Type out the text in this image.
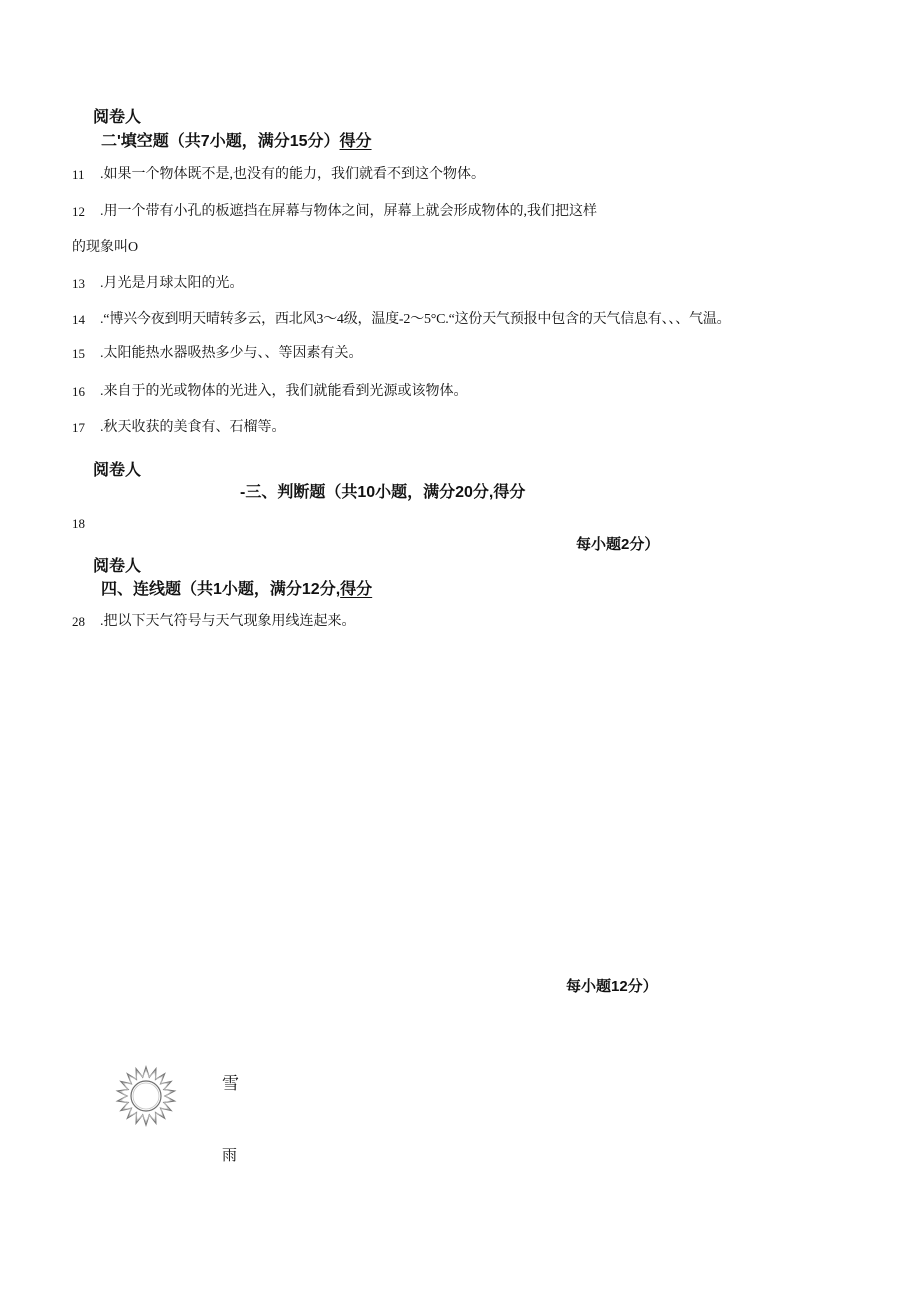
阅卷人
二'填空题（共7小题，满分15分）得分
11 .如果一个物体既不是,也没有的能力，我们就看不到这个物体。
12 .用一个带有小孔的板遮挡在屏幕与物体之间，屏幕上就会形成物体的,我们把这样
的现象叫O
13 .月光是月球太阳的光。
14 .“博兴今夜到明天晴转多云，西北风3～4级，温度-2～5°C.“这份天气预报中包含的天气信息有、、、气温。
15 .太阳能热水器吸热多少与、、等因素有关。
16 .来自于的光或物体的光进入，我们就能看到光源或该物体。
17 .秋天收获的美食有、石榴等。
阅卷人
-三、判断题（共10小题，满分20分,得分
18
每小题2分）
阅卷人
四、连线题（共1小题，满分12分,得分
28 .把以下天气符号与天气现象用线连起来。
每小题12分）
雪
雨
